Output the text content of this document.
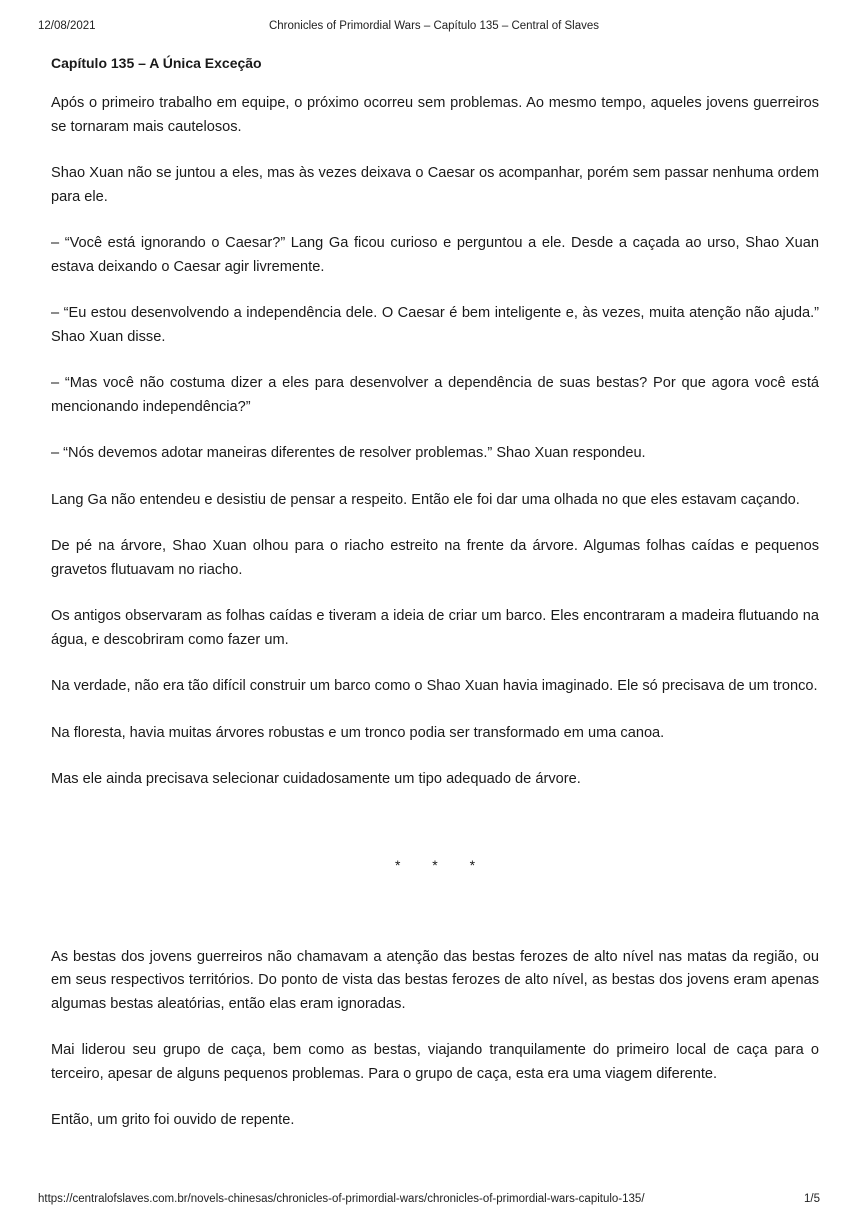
12/08/2021	Chronicles of Primordial Wars – Capítulo 135 – Central of Slaves
Capítulo 135 – A Única Exceção

Após o primeiro trabalho em equipe, o próximo ocorreu sem problemas. Ao mesmo tempo, aqueles jovens guerreiros se tornaram mais cautelosos.

Shao Xuan não se juntou a eles, mas às vezes deixava o Caesar os acompanhar, porém sem passar nenhuma ordem para ele.

– “Você está ignorando o Caesar?” Lang Ga ficou curioso e perguntou a ele. Desde a caçada ao urso, Shao Xuan estava deixando o Caesar agir livremente.

– “Eu estou desenvolvendo a independência dele. O Caesar é bem inteligente e, às vezes, muita atenção não ajuda.” Shao Xuan disse.

– “Mas você não costuma dizer a eles para desenvolver a dependência de suas bestas? Por que agora você está mencionando independência?”

– “Nós devemos adotar maneiras diferentes de resolver problemas.” Shao Xuan respondeu.

Lang Ga não entendeu e desistiu de pensar a respeito. Então ele foi dar uma olhada no que eles estavam caçando.

De pé na árvore, Shao Xuan olhou para o riacho estreito na frente da árvore. Algumas folhas caídas e pequenos gravetos flutuavam no riacho.

Os antigos observaram as folhas caídas e tiveram a ideia de criar um barco. Eles encontraram a madeira flutuando na água, e descobriram como fazer um.

Na verdade, não era tão difícil construir um barco como o Shao Xuan havia imaginado. Ele só precisava de um tronco.

Na floresta, havia muitas árvores robustas e um tronco podia ser transformado em uma canoa.

Mas ele ainda precisava selecionar cuidadosamente um tipo adequado de árvore.

* * *

As bestas dos jovens guerreiros não chamavam a atenção das bestas ferozes de alto nível nas matas da região, ou em seus respectivos territórios. Do ponto de vista das bestas ferozes de alto nível, as bestas dos jovens eram apenas algumas bestas aleatórias, então elas eram ignoradas.

Mai liderou seu grupo de caça, bem como as bestas, viajando tranquilamente do primeiro local de caça para o terceiro, apesar de alguns pequenos problemas. Para o grupo de caça, esta era uma viagem diferente.

Então, um grito foi ouvido de repente.

https://centralofslaves.com.br/novels-chinesas/chronicles-of-primordial-wars/chronicles-of-primordial-wars-capitulo-135/	1/5
